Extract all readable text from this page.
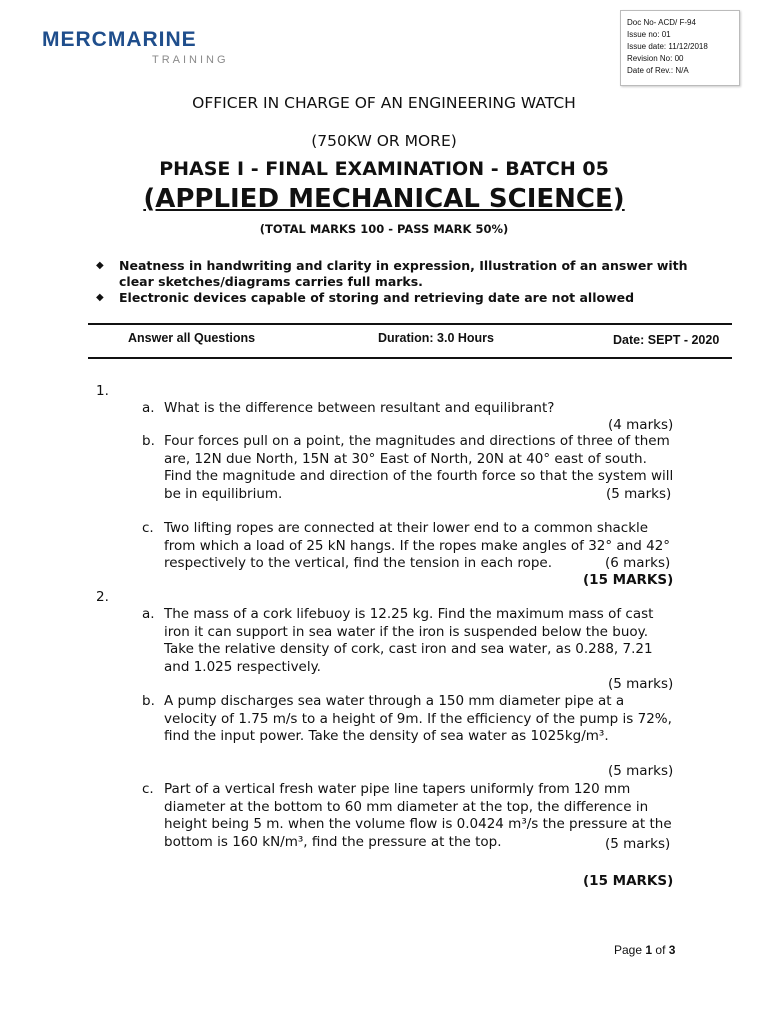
MERCMARINE
TRAINING
Doc No- ACD/ F-94
Issue no: 01
Issue date: 11/12/2018
Revision No: 00
Date of Rev.: N/A
OFFICER IN CHARGE OF AN ENGINEERING WATCH
(750KW OR MORE)
PHASE I - FINAL EXAMINATION - BATCH 05
(APPLIED MECHANICAL SCIENCE)
(TOTAL MARKS 100 - PASS MARK 50%)
◆ Neatness in handwriting and clarity in expression, Illustration of an answer with clear sketches/diagrams carries full marks.
◆ Electronic devices capable of storing and retrieving date are not allowed
Answer all Questions	Duration: 3.0 Hours	Date: SEPT - 2020
1.
a. What is the difference between resultant and equilibrant?
(4 marks)
b. Four forces pull on a point, the magnitudes and directions of three of them are, 12N due North, 15N at 30° East of North, 20N at 40° east of south. Find the magnitude and direction of the fourth force so that the system will be in equilibrium.	(5 marks)
c. Two lifting ropes are connected at their lower end to a common shackle from which a load of 25 kN hangs. If the ropes make angles of 32° and 42° respectively to the vertical, find the tension in each rope.	(6 marks)
(15 MARKS)
2.
a. The mass of a cork lifebuoy is 12.25 kg. Find the maximum mass of cast iron it can support in sea water if the iron is suspended below the buoy. Take the relative density of cork, cast iron and sea water, as 0.288, 7.21 and 1.025 respectively.
(5 marks)
b. A pump discharges sea water through a 150 mm diameter pipe at a velocity of 1.75 m/s to a height of 9m. If the efficiency of the pump is 72%, find the input power. Take the density of sea water as 1025kg/m³.
(5 marks)
c. Part of a vertical fresh water pipe line tapers uniformly from 120 mm diameter at the bottom to 60 mm diameter at the top, the difference in height being 5 m. when the volume flow is 0.0424 m³/s the pressure at the bottom is 160 kN/m³, find the pressure at the top.	(5 marks)
(15 MARKS)
Page 1 of 3
